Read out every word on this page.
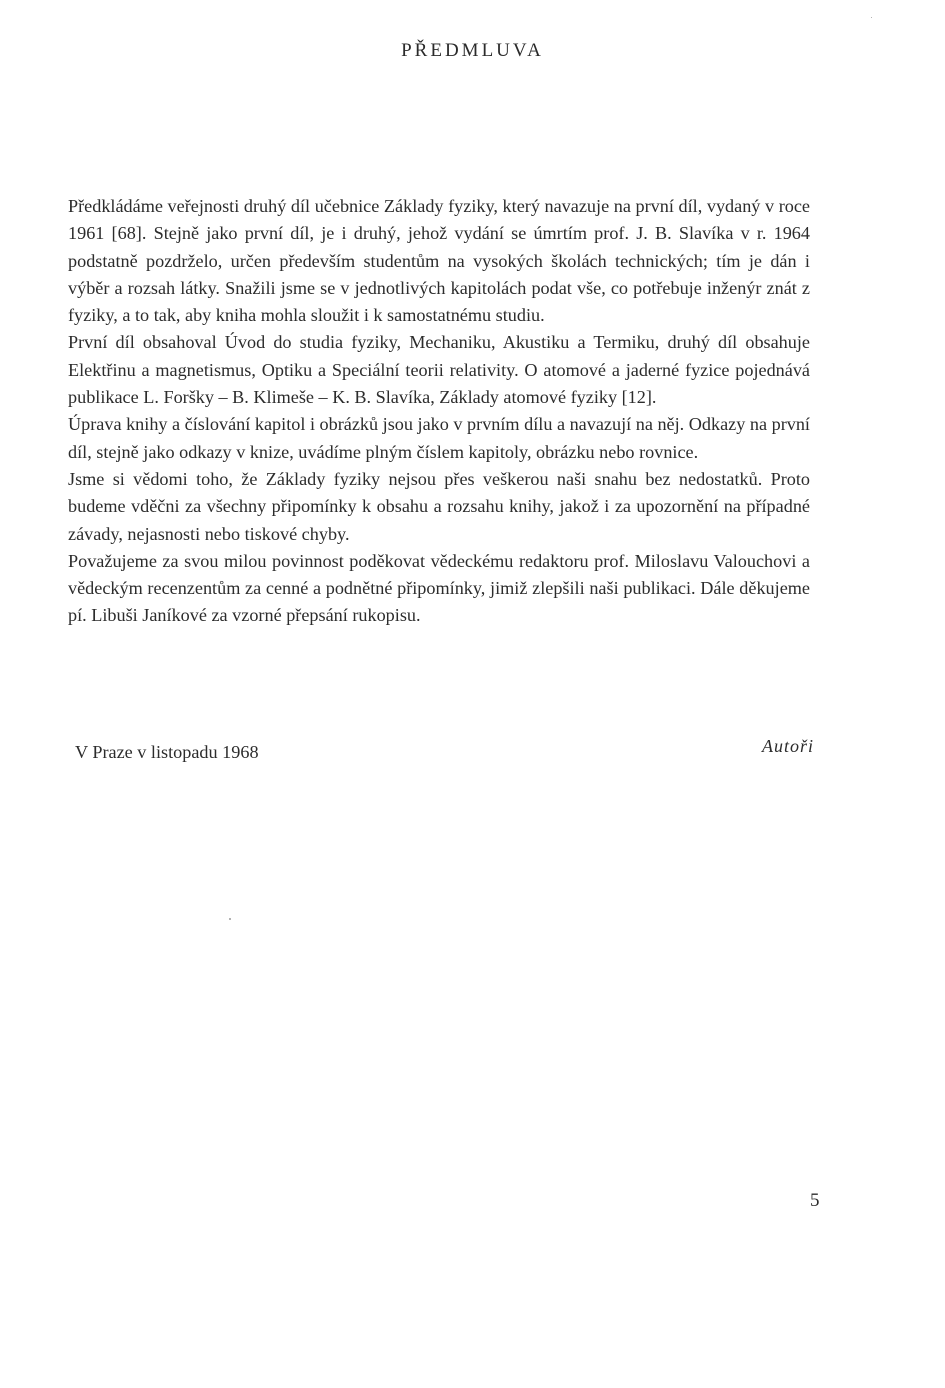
PŘEDMLUVA

Předkládáme veřejnosti druhý díl učebnice Základy fyziky, který navazuje na první díl, vydaný v roce 1961 [68]. Stejně jako první díl, je i druhý, jehož vydání se úmrtím prof. J. B. Slavíka v r. 1964 podstatně pozdrželo, určen především studentům na vysokých školách technických; tím je dán i výběr a rozsah látky. Snažili jsme se v jednotlivých kapitolách podat vše, co potřebuje inženýr znát z fyziky, a to tak, aby kniha mohla sloužit i k samostatnému studiu.

První díl obsahoval Úvod do studia fyziky, Mechaniku, Akustiku a Termiku, druhý díl obsahuje Elektřinu a magnetismus, Optiku a Speciální teorii relativity. O atomové a jaderné fyzice pojednává publikace L. Foršky – B. Klimeše – K. B. Slavíka, Základy atomové fyziky [12].

Úprava knihy a číslování kapitol i obrázků jsou jako v prvním dílu a navazují na něj. Odkazy na první díl, stejně jako odkazy v knize, uvádíme plným číslem kapitoly, obrázku nebo rovnice.

Jsme si vědomi toho, že Základy fyziky nejsou přes veškerou naši snahu bez nedostatků. Proto budeme vděčni za všechny připomínky k obsahu a rozsahu knihy, jakož i za upozornění na případné závady, nejasnosti nebo tiskové chyby.

Považujeme za svou milou povinnost poděkovat vědeckému redaktoru prof. Miloslavu Valouchovi a vědeckým recenzentům za cenné a podnětné připomínky, jimiž zlepšili naši publikaci. Dále děkujeme pí. Libuši Janíkové za vzorné přepsání rukopisu.

Autoři
V Praze v listopadu 1968
5
